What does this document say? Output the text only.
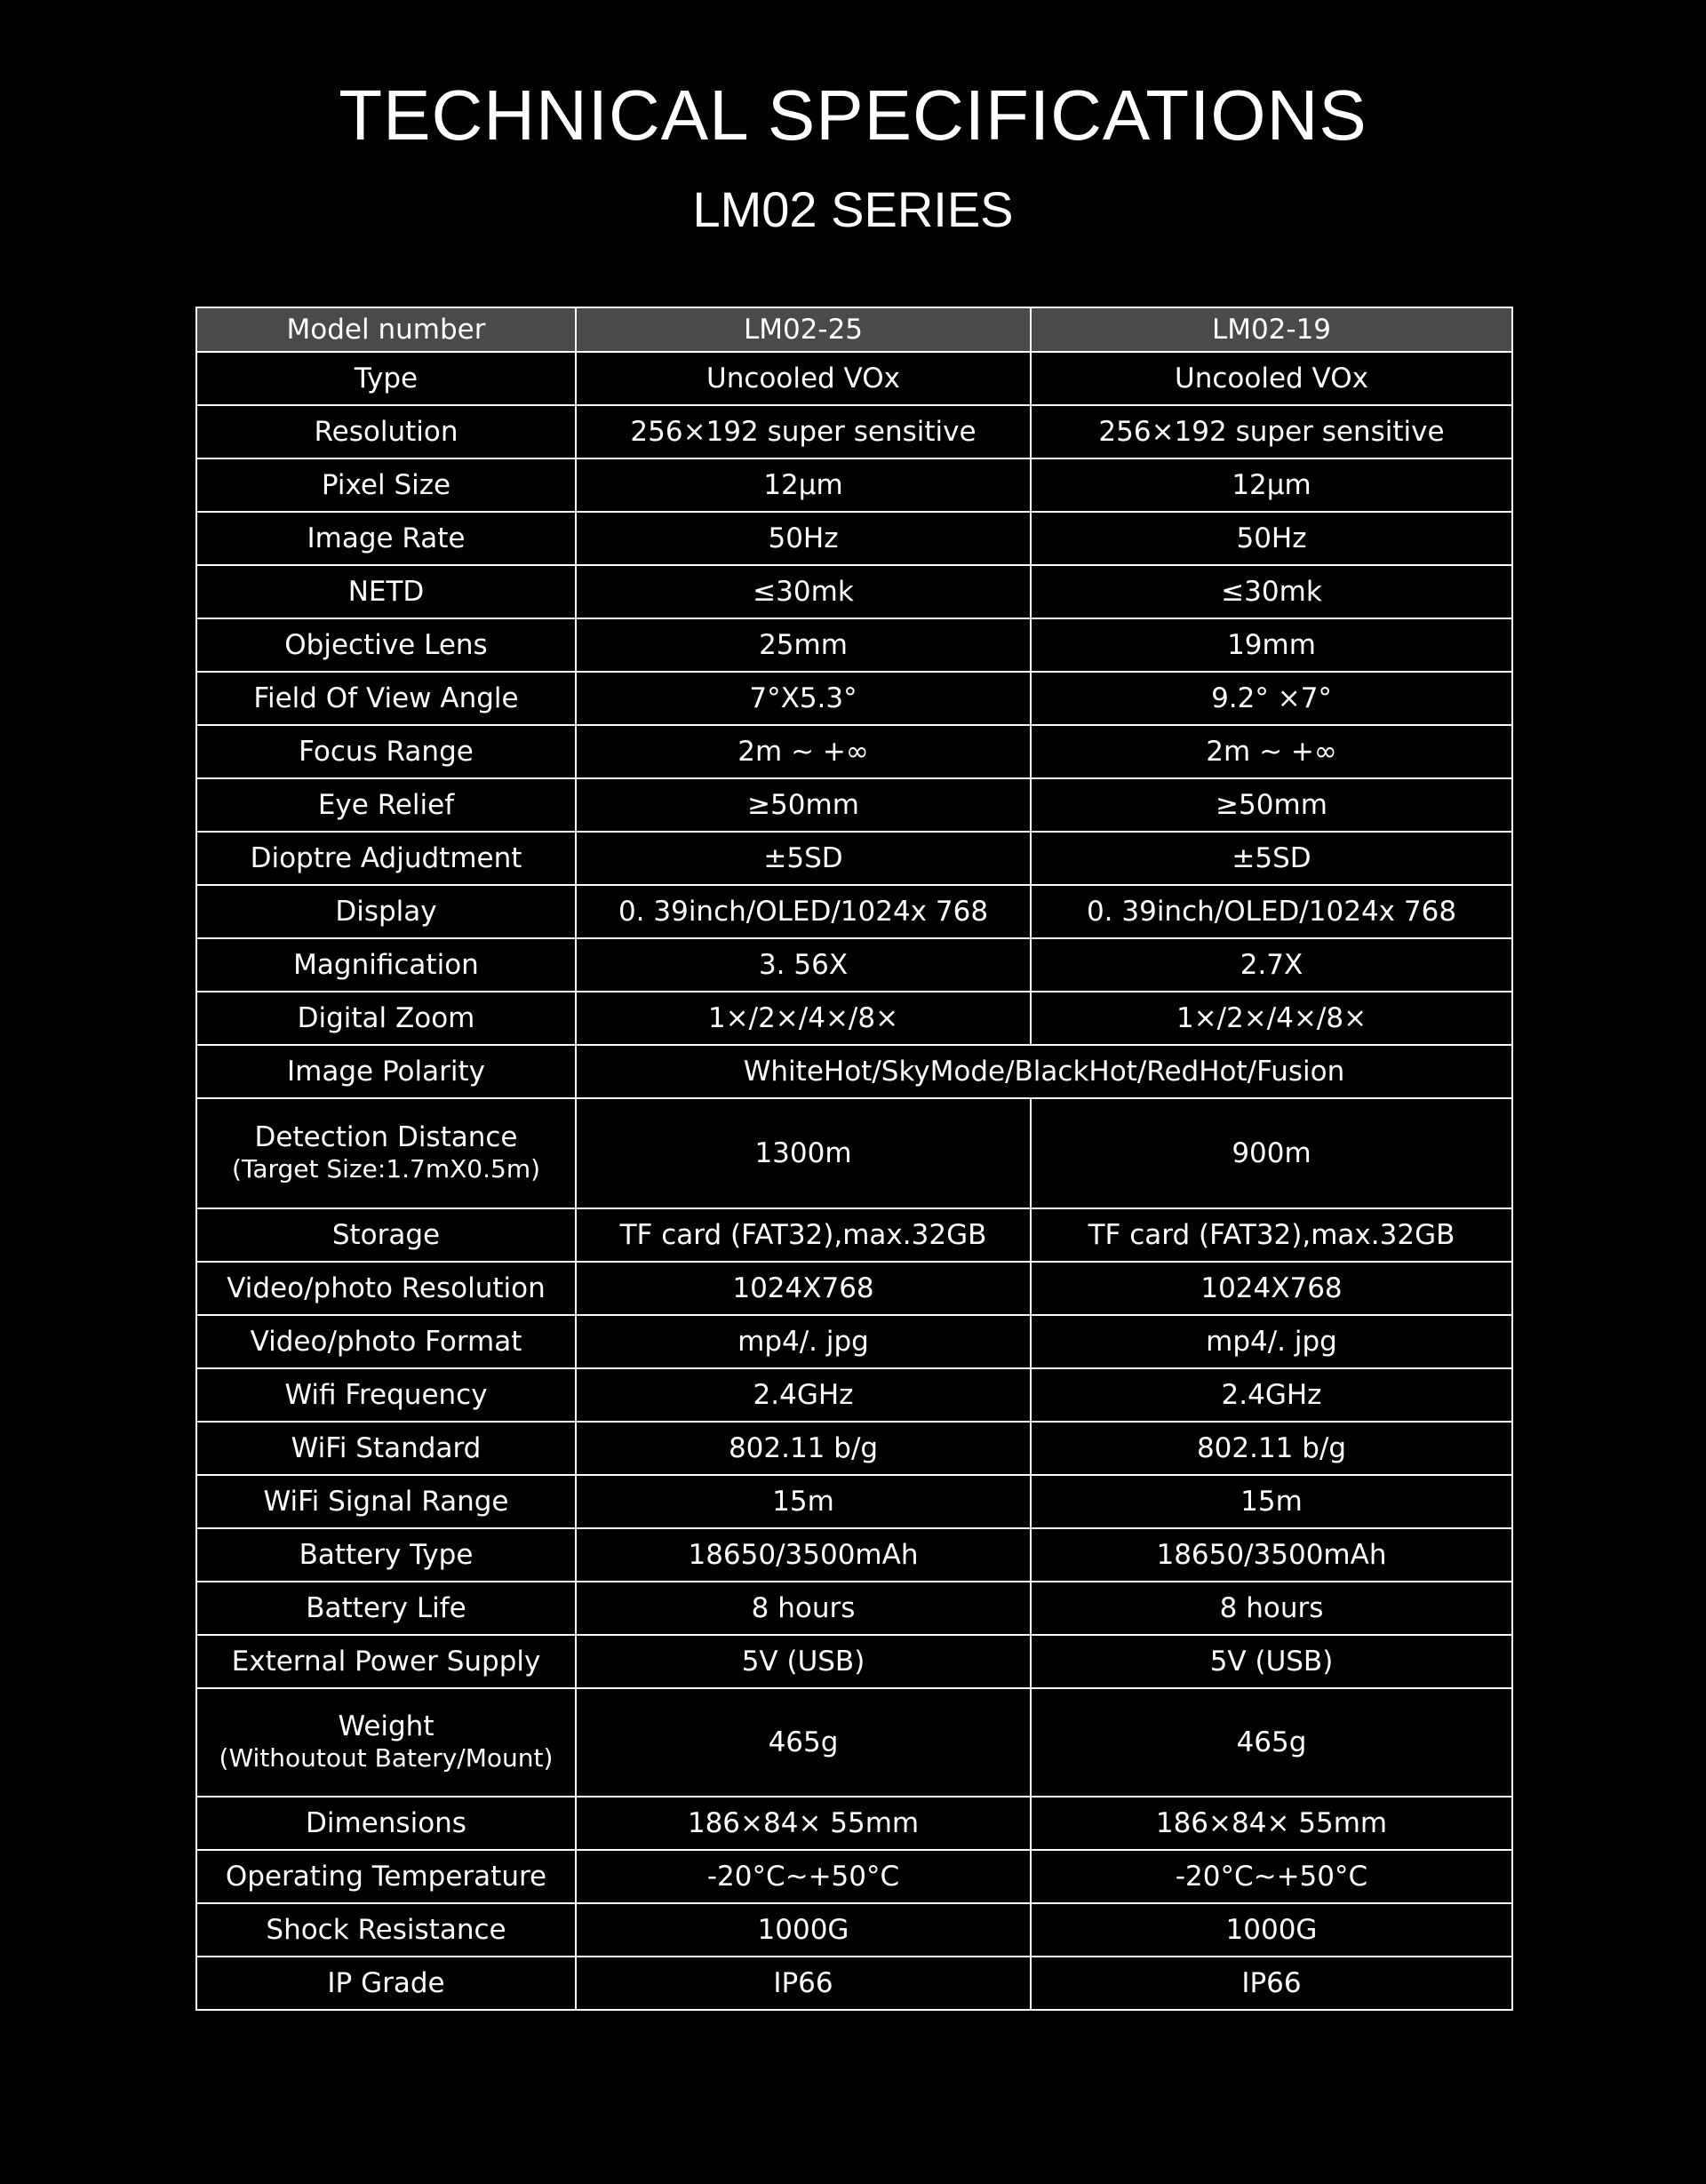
TECHNICAL SPECIFICATIONS
LM02 SERIES
Model number	LM02-25	LM02-19

Type	Uncooled VOx	Uncooled VOx

Resolution	256×192 super sensitive	256×192 super sensitive

Pixel Size	12μm	12μm

Image Rate	50Hz	50Hz

NETD	≤30mk	≤30mk

Objective Lens	25mm	19mm

Field Of View Angle	7°X5.3°	9.2° ×7°

Focus Range	2m ~ +∞	2m ~ +∞

Eye Relief	≥50mm	≥50mm

Dioptre Adjudtment	±5SD	±5SD

Display	0. 39inch/OLED/1024x 768	0. 39inch/OLED/1024x 768

Magnification	3. 56X	2.7X

Digital Zoom	1×/2×/4×/8×	1×/2×/4×/8×

Image Polarity	WhiteHot/SkyMode/BlackHot/RedHot/Fusion	

Detection Distance
(Target Size:1.7mX0.5m)	1300m	900m

Storage	TF card (FAT32),max.32GB	TF card (FAT32),max.32GB

Video/photo Resolution	1024X768	1024X768

Video/photo Format	mp4/. jpg	mp4/. jpg

Wifi Frequency	2.4GHz	2.4GHz

WiFi Standard	802.11 b/g	802.11 b/g

WiFi Signal Range	15m	15m

Battery Type	18650/3500mAh	18650/3500mAh

Battery Life	8 hours	8 hours

External Power Supply	5V (USB)	5V (USB)

Weight
(Withoutout Batery/Mount)	465g	465g

Dimensions	186×84× 55mm	186×84× 55mm

Operating Temperature	-20°C~+50°C	-20°C~+50°C

Shock Resistance	1000G	1000G

IP Grade	IP66	IP66
